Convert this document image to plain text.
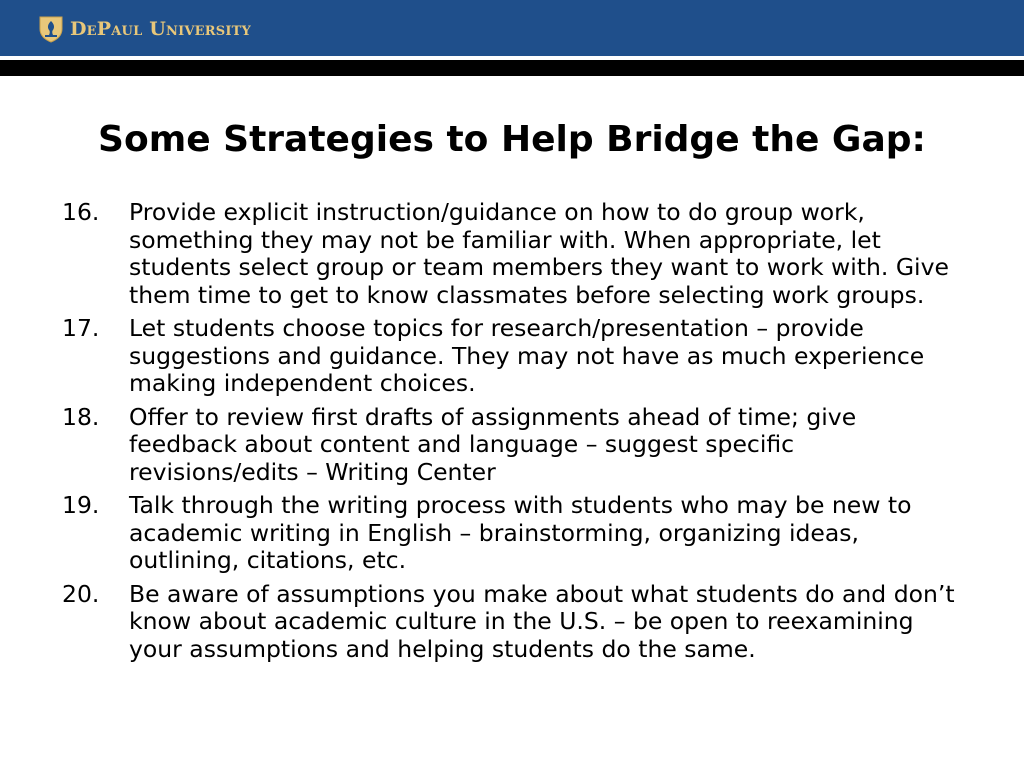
DePaul University
Some Strategies to Help Bridge the Gap:
16.	Provide explicit instruction/guidance on how to do group work, something they may not be familiar with. When appropriate, let students select group or team members they want to work with. Give them time to get to know classmates before selecting work groups.
17.	Let students choose topics for research/presentation – provide suggestions and guidance. They may not have as much experience making independent choices.
18.	Offer to review first drafts of assignments ahead of time; give feedback about content and language – suggest specific revisions/edits – Writing Center
19.	Talk through the writing process with students who may be new to academic writing in English – brainstorming, organizing ideas, outlining, citations, etc.
20.	Be aware of assumptions you make about what students do and don’t know about academic culture in the U.S. – be open to reexamining your assumptions and helping students do the same.
